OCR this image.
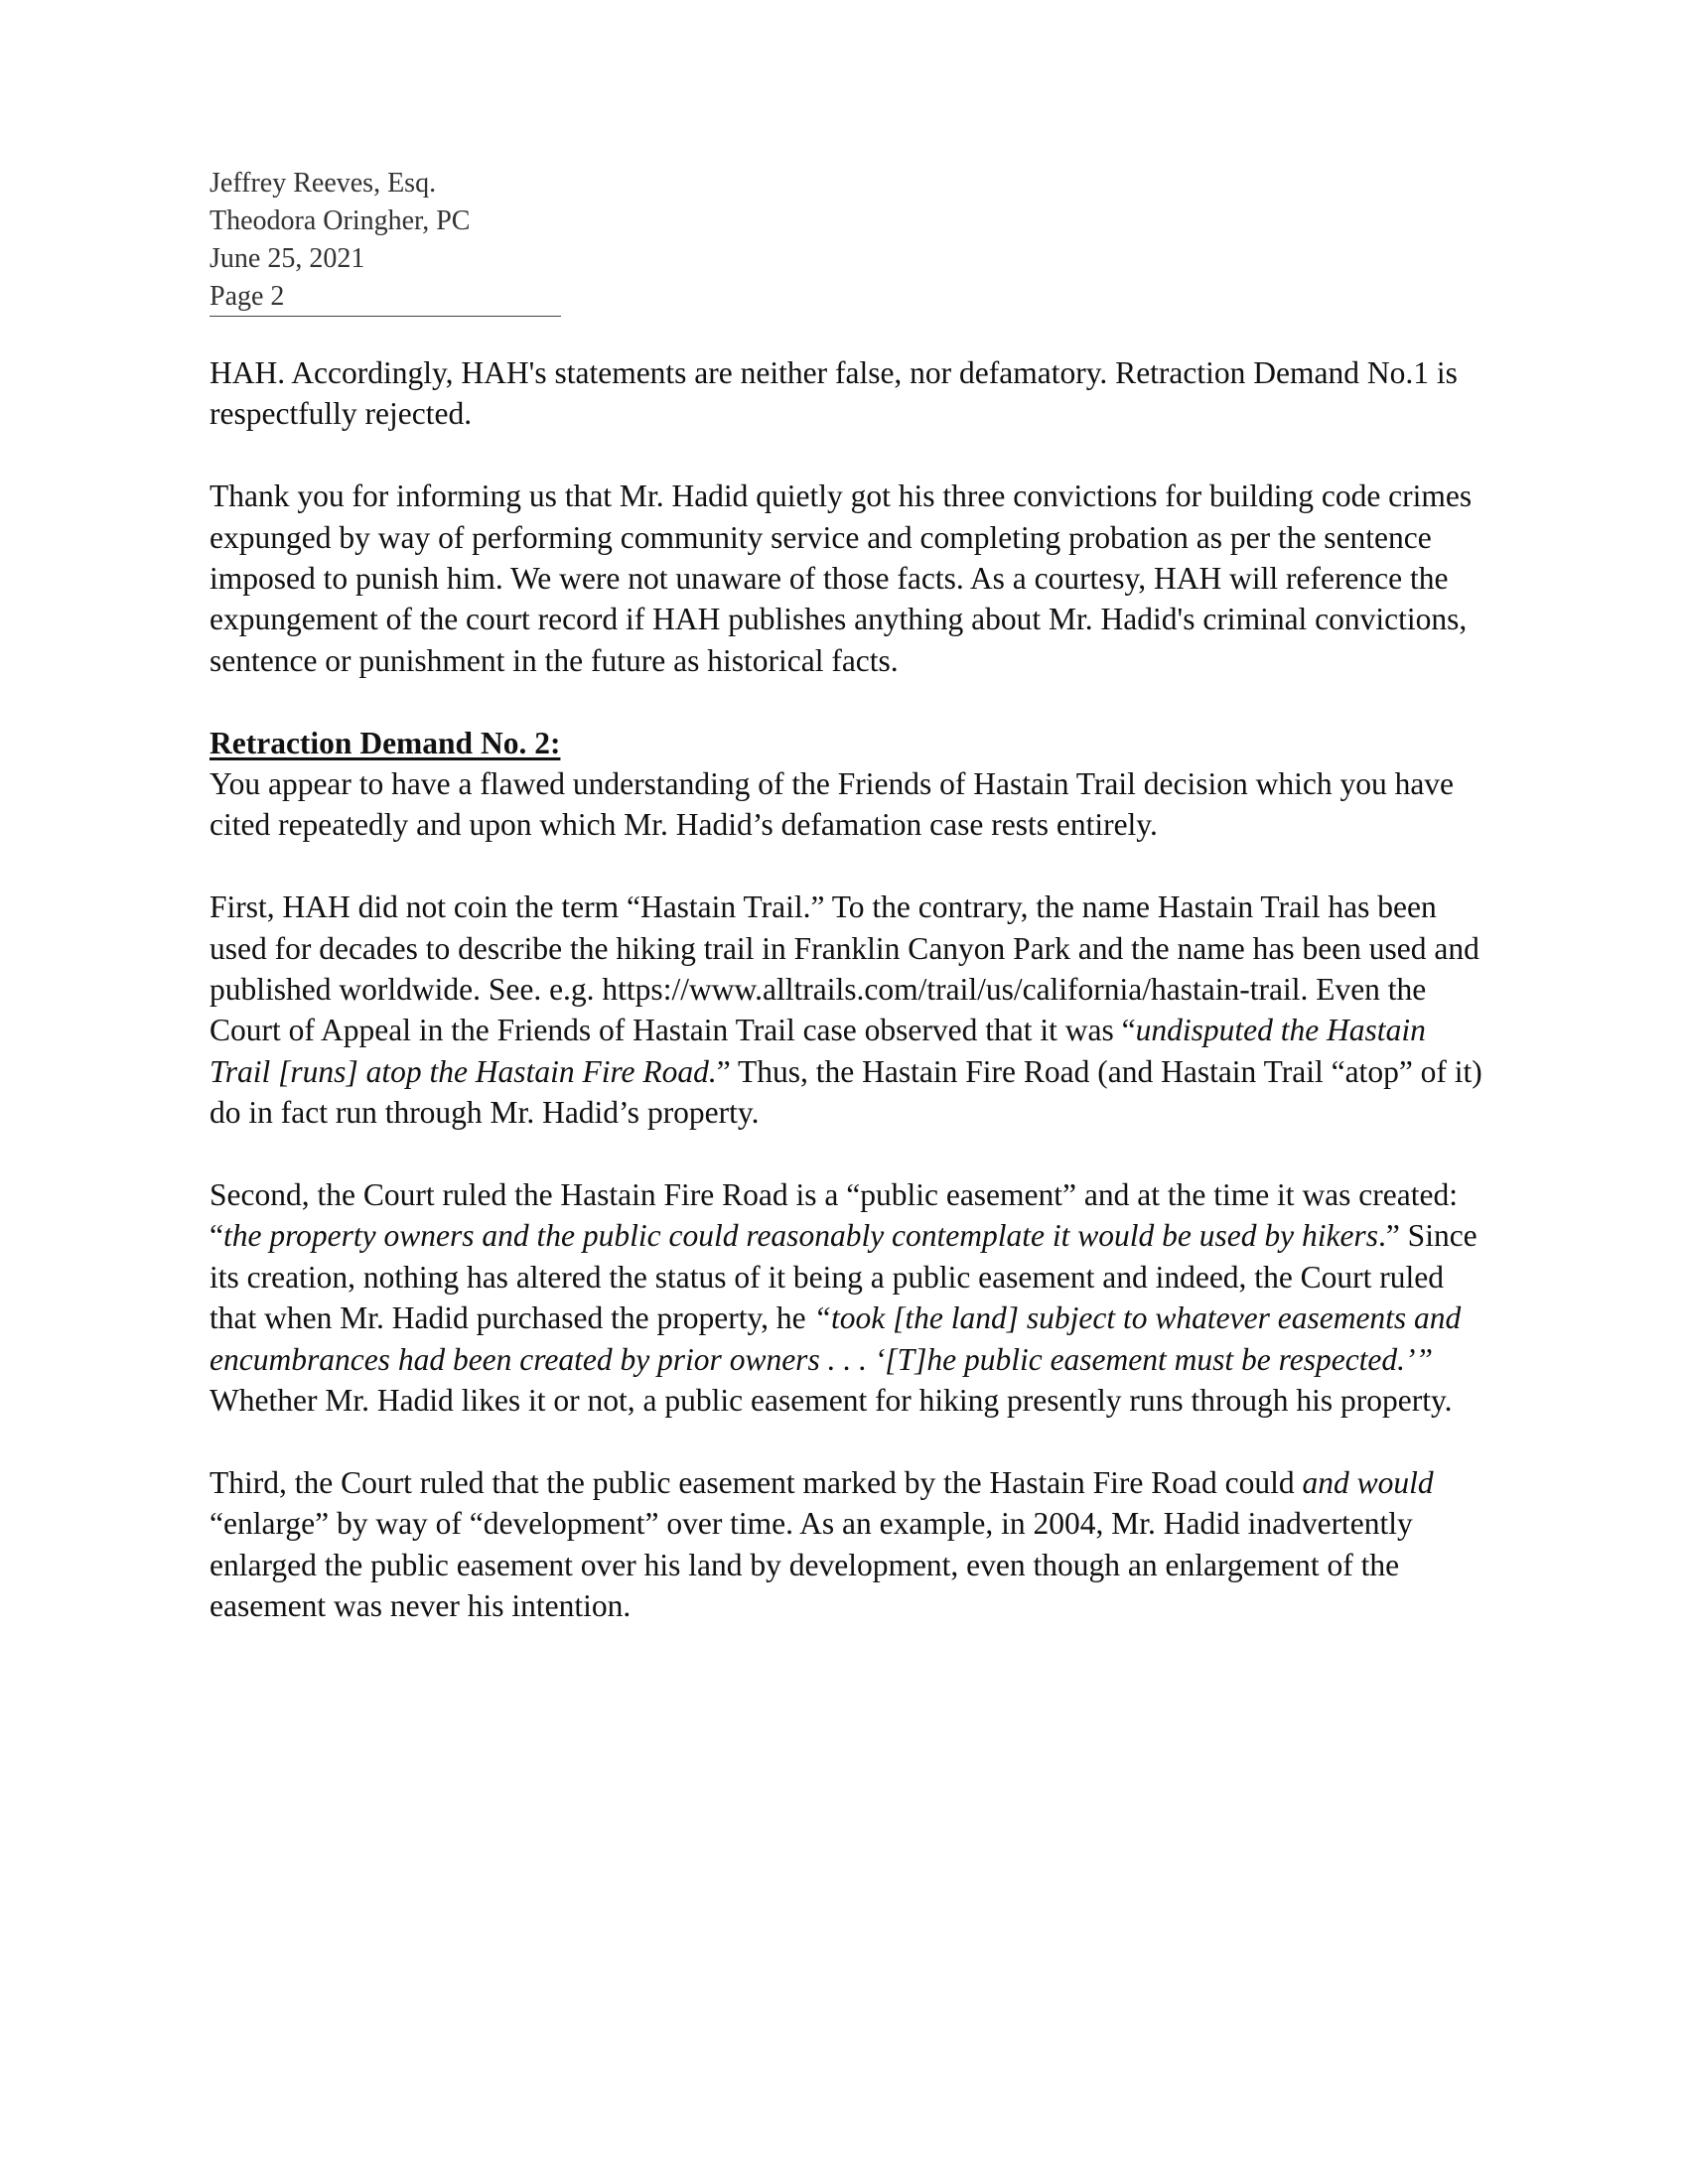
Jeffrey Reeves, Esq.
Theodora Oringher, PC
June 25, 2021
Page 2

HAH. Accordingly, HAH's statements are neither false, nor defamatory. Retraction Demand No.1 is respectfully rejected.

Thank you for informing us that Mr. Hadid quietly got his three convictions for building code crimes expunged by way of performing community service and completing probation as per the sentence imposed to punish him. We were not unaware of those facts. As a courtesy, HAH will reference the expungement of the court record if HAH publishes anything about Mr. Hadid's criminal convictions, sentence or punishment in the future as historical facts.

Retraction Demand No. 2:

You appear to have a flawed understanding of the Friends of Hastain Trail decision which you have cited repeatedly and upon which Mr. Hadid’s defamation case rests entirely.

First, HAH did not coin the term “Hastain Trail.” To the contrary, the name Hastain Trail has been used for decades to describe the hiking trail in Franklin Canyon Park and the name has been used and published worldwide. See. e.g. https://www.alltrails.com/trail/us/california/hastain-trail. Even the Court of Appeal in the Friends of Hastain Trail case observed that it was “undisputed the Hastain Trail [runs] atop the Hastain Fire Road.” Thus, the Hastain Fire Road (and Hastain Trail “atop” of it) do in fact run through Mr. Hadid’s property.

Second, the Court ruled the Hastain Fire Road is a “public easement” and at the time it was created: “the property owners and the public could reasonably contemplate it would be used by hikers.” Since its creation, nothing has altered the status of it being a public easement and indeed, the Court ruled that when Mr. Hadid purchased the property, he “took [the land] subject to whatever easements and encumbrances had been created by prior owners . . . ‘[T]he public easement must be respected.’” Whether Mr. Hadid likes it or not, a public easement for hiking presently runs through his property.

Third, the Court ruled that the public easement marked by the Hastain Fire Road could and would “enlarge” by way of “development” over time. As an example, in 2004, Mr. Hadid inadvertently enlarged the public easement over his land by development, even though an enlargement of the easement was never his intention.
